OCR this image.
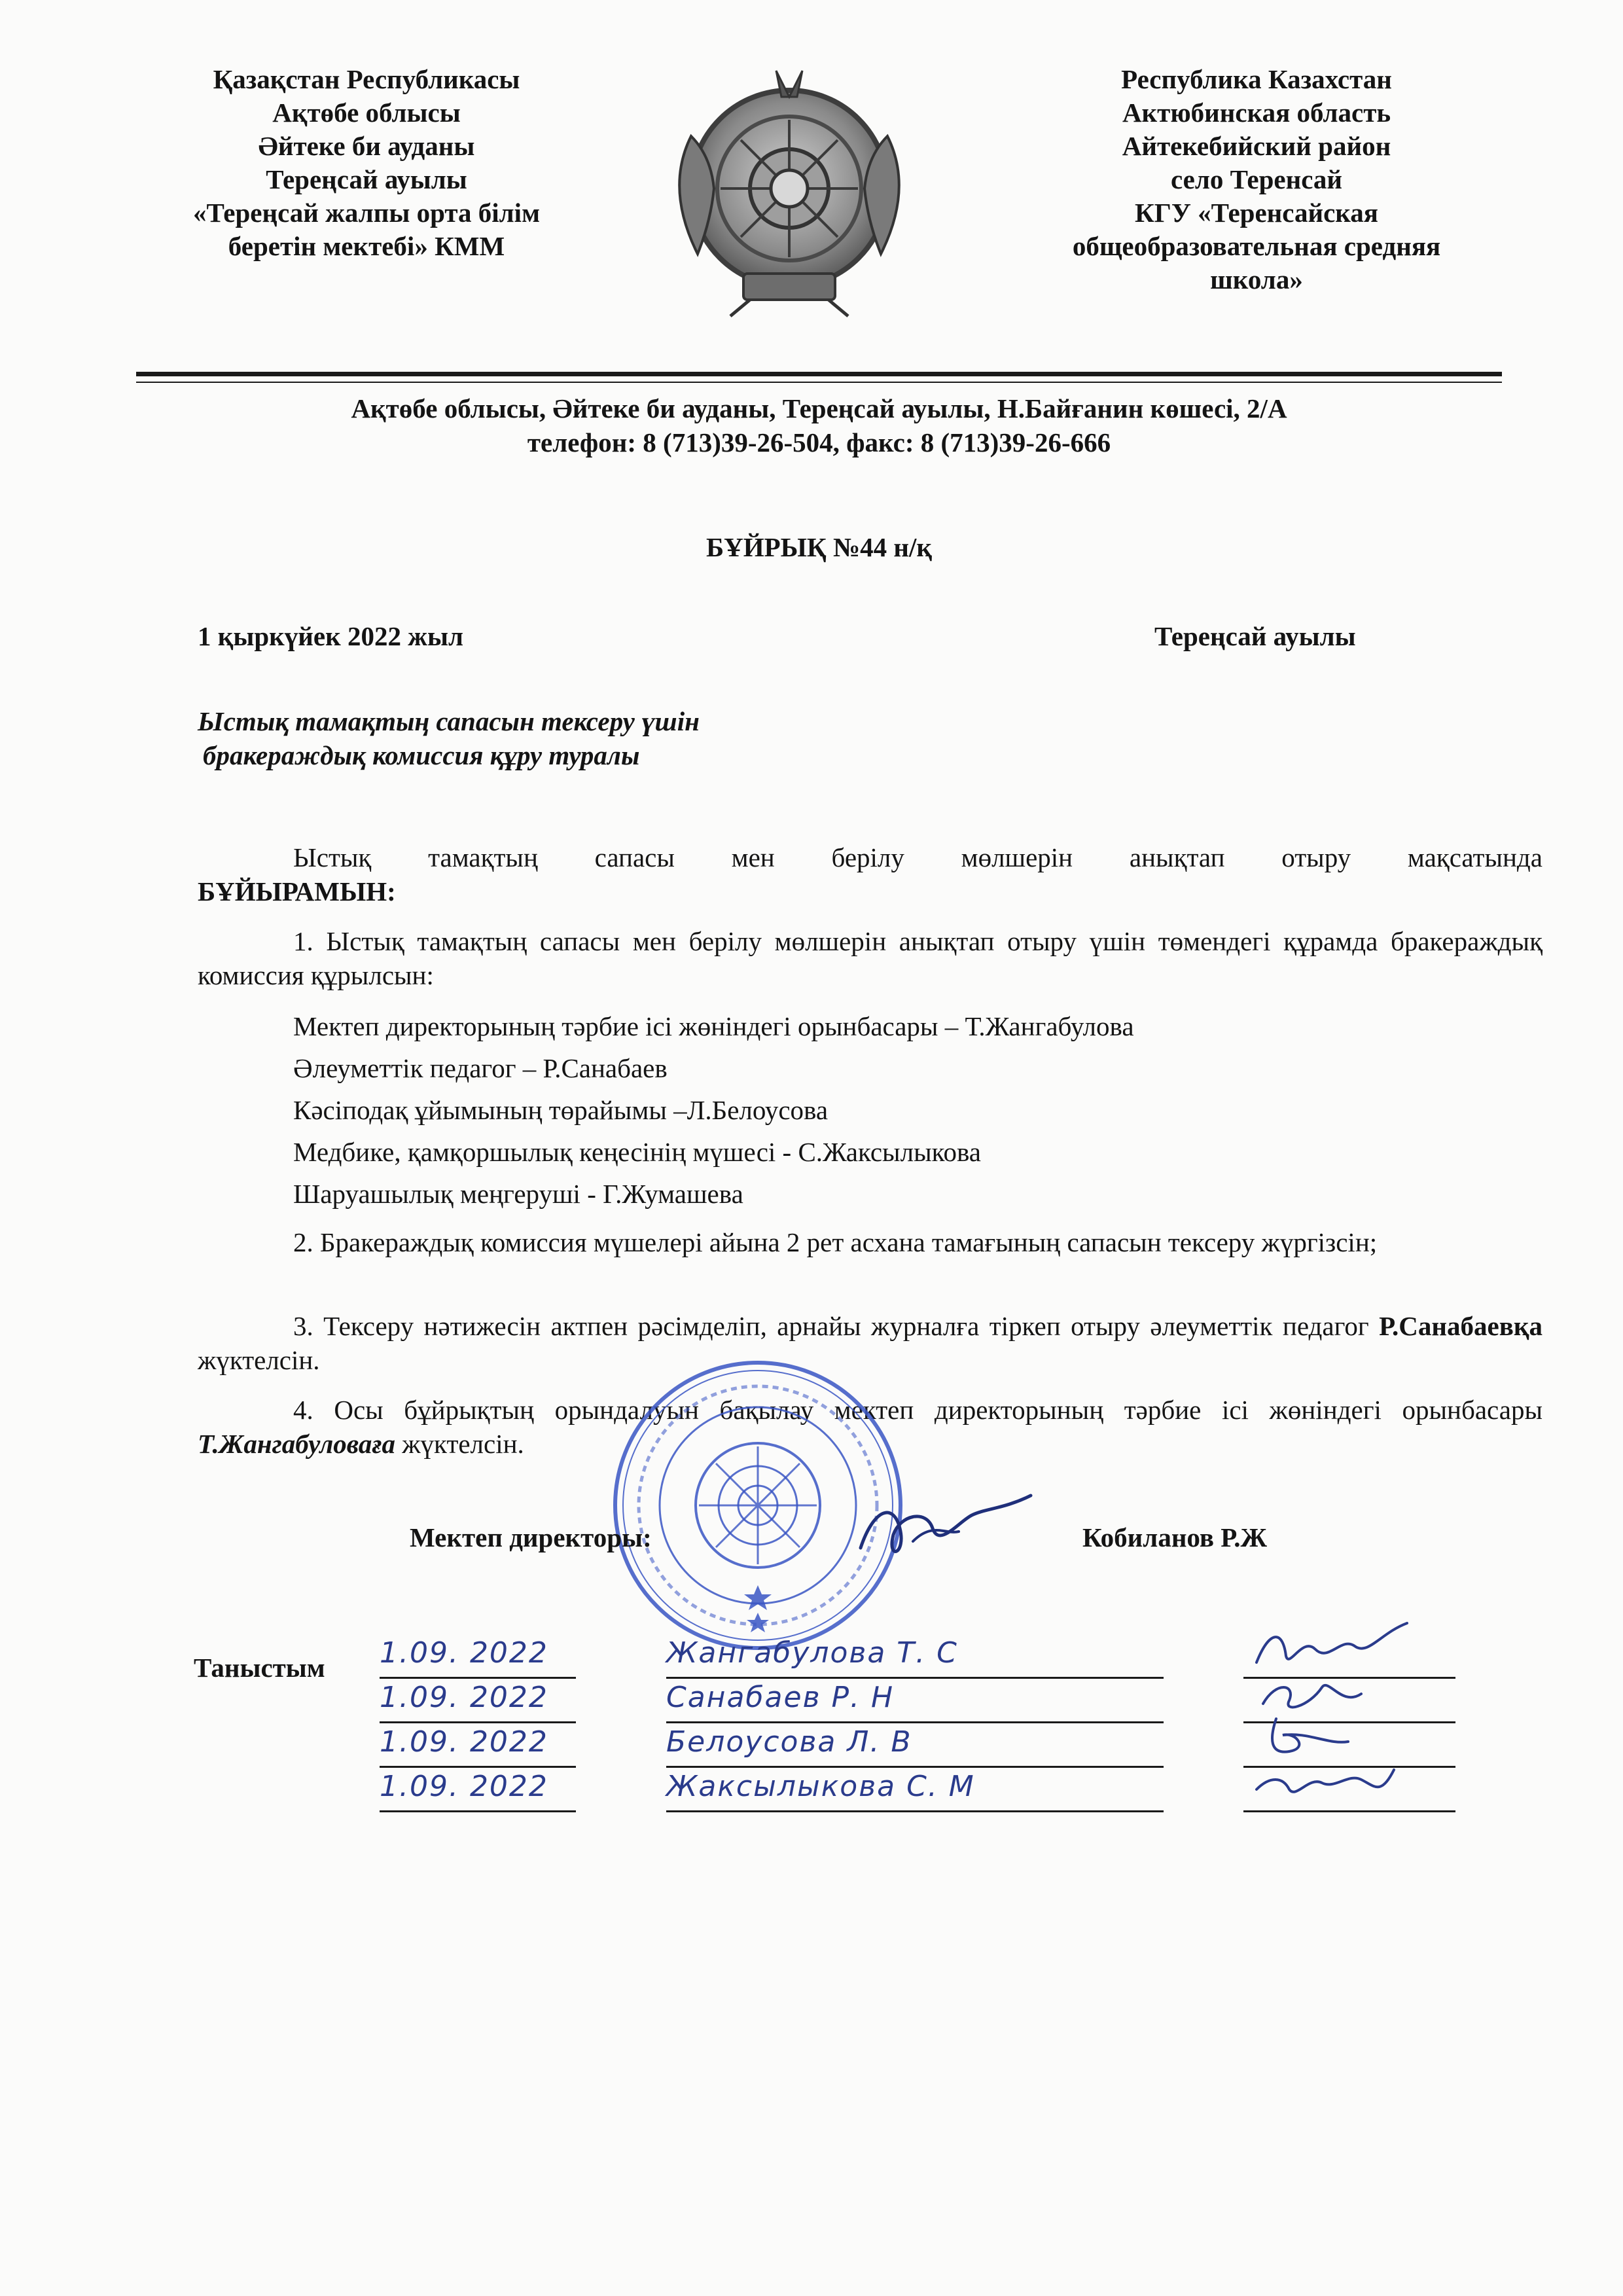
Қазақстан Республикасы
Ақтөбе облысы
Әйтеке би ауданы
Тереңсай ауылы
«Тереңсай жалпы орта білім
беретін мектебі» КММ
Республика Казахстан
Актюбинская область
Айтекебийский район
село Теренсай
КГУ «Теренсайская
общеобразовательная средняя
школа»
Ақтөбе облысы, Әйтеке би ауданы, Тереңсай ауылы, Н.Байғанин көшесі, 2/А
телефон: 8 (713)39-26-504, факс: 8 (713)39-26-666
БҰЙРЫҚ №44 н/қ
1 қыркүйек 2022 жыл	Тереңсай ауылы
Ыстық тамақтың сапасын тексеру үшін
бракераждық комиссия құру туралы
Ыстық тамақтың сапасы мен берілу мөлшерін анықтап отыру мақсатында
БҰЙЫРАМЫН:
1. Ыстық тамақтың сапасы мен берілу мөлшерін анықтап отыру үшін төмендегі құрамда бракераждық комиссия құрылсын:
Мектеп директорының тәрбие ісі жөніндегі орынбасары – Т.Жангабулова
Әлеуметтік педагог – Р.Санабаев
Кәсіподақ ұйымының төрайымы –Л.Белоусова
Медбике, қамқоршылық кеңесінің мүшесі - С.Жаксылыкова
Шаруашылық меңгеруші - Г.Жумашева
2. Бракераждық комиссия мүшелері айына 2 рет асхана тамағының сапасын тексеру жүргізсін;
3. Тексеру нәтижесін актпен рәсімделіп, арнайы журналға тіркеп отыру әлеуметтік педагог Р.Санабаевқа жүктелсін.
4. Осы бұйрықтың орындалуын бақылау мектеп директорының тәрбие ісі жөніндегі орынбасары Т.Жангабуловаға жүктелсін.
Мектеп директоры:	Кобиланов Р.Ж
Таныстым 1.09. 2022	Жангабулова Т. С
1.09. 2022	Санабаев Р. Н
1.09. 2022	Белоусова Л. В
1.09. 2022	Жаксылыкова С. М
